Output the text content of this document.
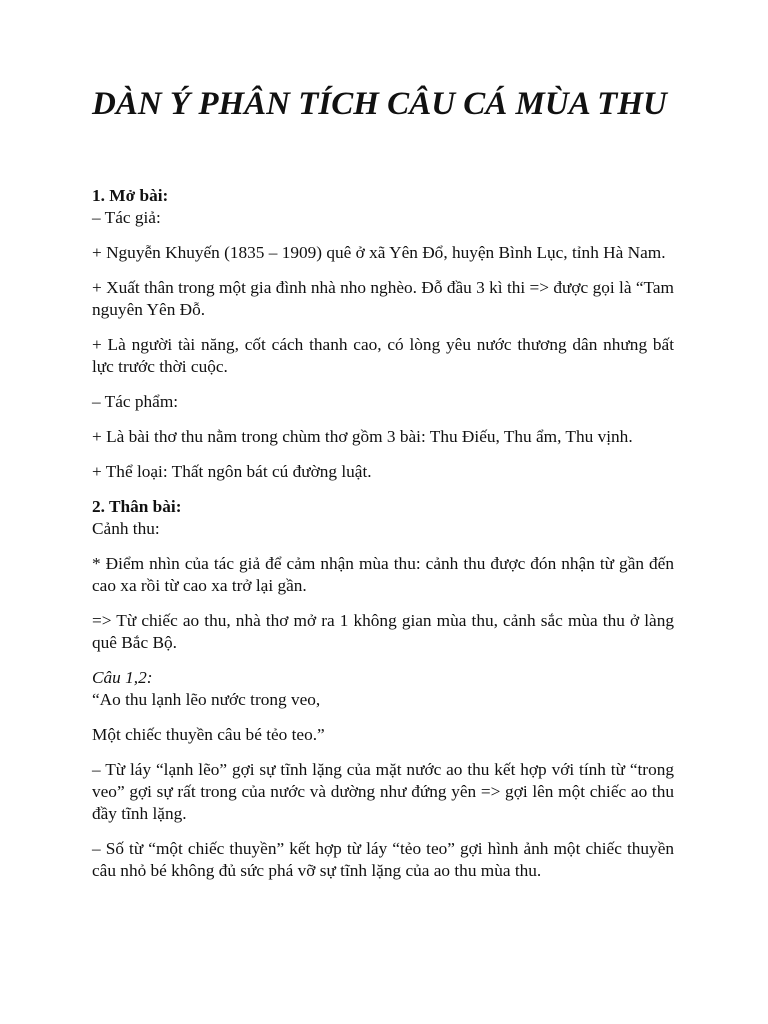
DÀN Ý PHÂN TÍCH CÂU CÁ MÙA THU

1. Mở bài:

– Tác giả:

+ Nguyễn Khuyến (1835 – 1909) quê ở xã Yên Đổ, huyện Bình Lục, tỉnh Hà Nam.

+ Xuất thân trong một gia đình nhà nho nghèo. Đỗ đầu 3 kì thi => được gọi là “Tam nguyên Yên Đỗ.

+ Là người tài năng, cốt cách thanh cao, có lòng yêu nước thương dân nhưng bất lực trước thời cuộc.

– Tác phẩm:

+ Là bài thơ thu nằm trong chùm thơ gồm 3 bài: Thu Điếu, Thu ẩm, Thu vịnh.

+ Thể loại: Thất ngôn bát cú đường luật.

2. Thân bài:

Cảnh thu:

* Điểm nhìn của tác giả để cảm nhận mùa thu: cảnh thu được đón nhận từ gần đến cao xa rồi từ cao xa trở lại gần.

=> Từ chiếc ao thu, nhà thơ mở ra 1 không gian mùa thu, cảnh sắc mùa thu ở làng quê Bắc Bộ.

Câu 1,2:

“Ao thu lạnh lẽo nước trong veo,

Một chiếc thuyền câu bé tẻo teo.”

– Từ láy “lạnh lẽo” gợi sự tĩnh lặng của mặt nước ao thu kết hợp với tính từ “trong veo” gợi sự rất trong của nước và dường như đứng yên => gợi lên một chiếc ao thu đầy tĩnh lặng.

– Số từ “một chiếc thuyền” kết hợp từ láy “tẻo teo” gợi hình ảnh một chiếc thuyền câu nhỏ bé không đủ sức phá vỡ sự tĩnh lặng của ao thu mùa thu.
